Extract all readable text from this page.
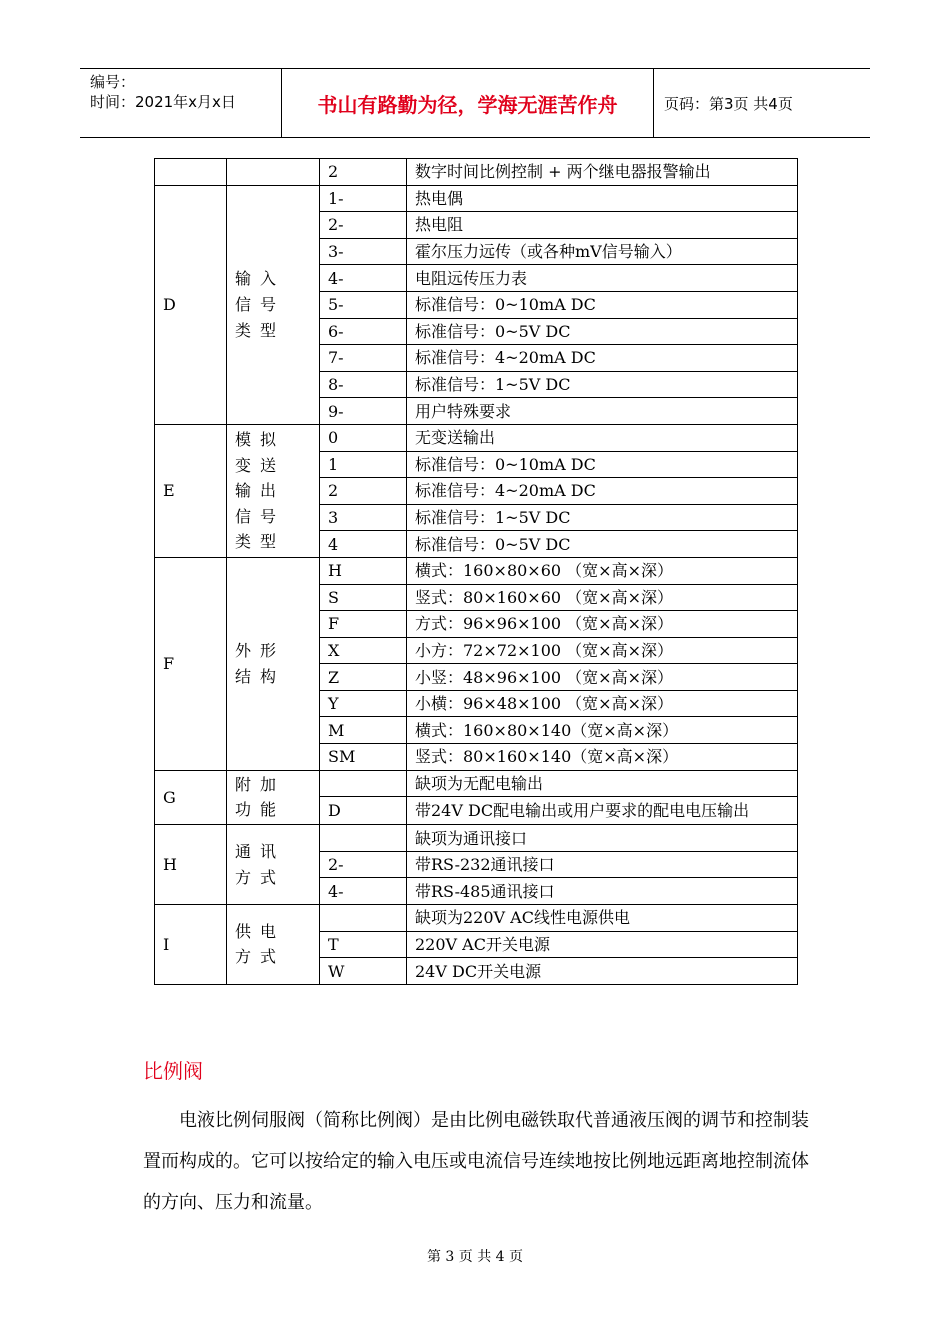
编号：
时间：2021年x月x日	书山有路勤为径，学海无涯苦作舟	页码：第3页 共4页
		2	数字时间比例控制 + 两个继电器报警输出
D	输入
信号
类型	1-	热电偶
		2-	热电阻
		3-	霍尔压力远传（或各种mV信号输入）
		4-	电阻远传压力表
		5-	标准信号：0~10mA DC
		6-	标准信号：0~5V DC
		7-	标准信号：4~20mA DC
		8-	标准信号：1~5V DC
		9-	用户特殊要求
E	模拟
变送
输出
信号
类型	0	无变送输出
		1	标准信号：0~10mA DC
		2	标准信号：4~20mA DC
		3	标准信号：1~5V DC
		4	标准信号：0~5V DC
F	外形
结构	H	横式：160×80×60 （宽×高×深）
		S	竖式：80×160×60 （宽×高×深）
		F	方式：96×96×100 （宽×高×深）
		X	小方：72×72×100 （宽×高×深）
		Z	小竖：48×96×100 （宽×高×深）
		Y	小横：96×48×100 （宽×高×深）
		M	横式：160×80×140（宽×高×深）
		SM	竖式：80×160×140（宽×高×深）
G	附加
功能		缺项为无配电输出
		D	带24V DC配电输出或用户要求的配电电压输出
H	通讯
方式		缺项为通讯接口
		2-	带RS-232通讯接口
		4-	带RS-485通讯接口
I	供电
方式		缺项为220V AC线性电源供电
		T	220V AC开关电源
		W	24V DC开关电源
比例阀
电液比例伺服阀（简称比例阀）是由比例电磁铁取代普通液压阀的调节和控制装置而构成的。它可以按给定的输入电压或电流信号连续地按比例地远距离地控制流体的方向、压力和流量。
第 3 页 共 4 页
